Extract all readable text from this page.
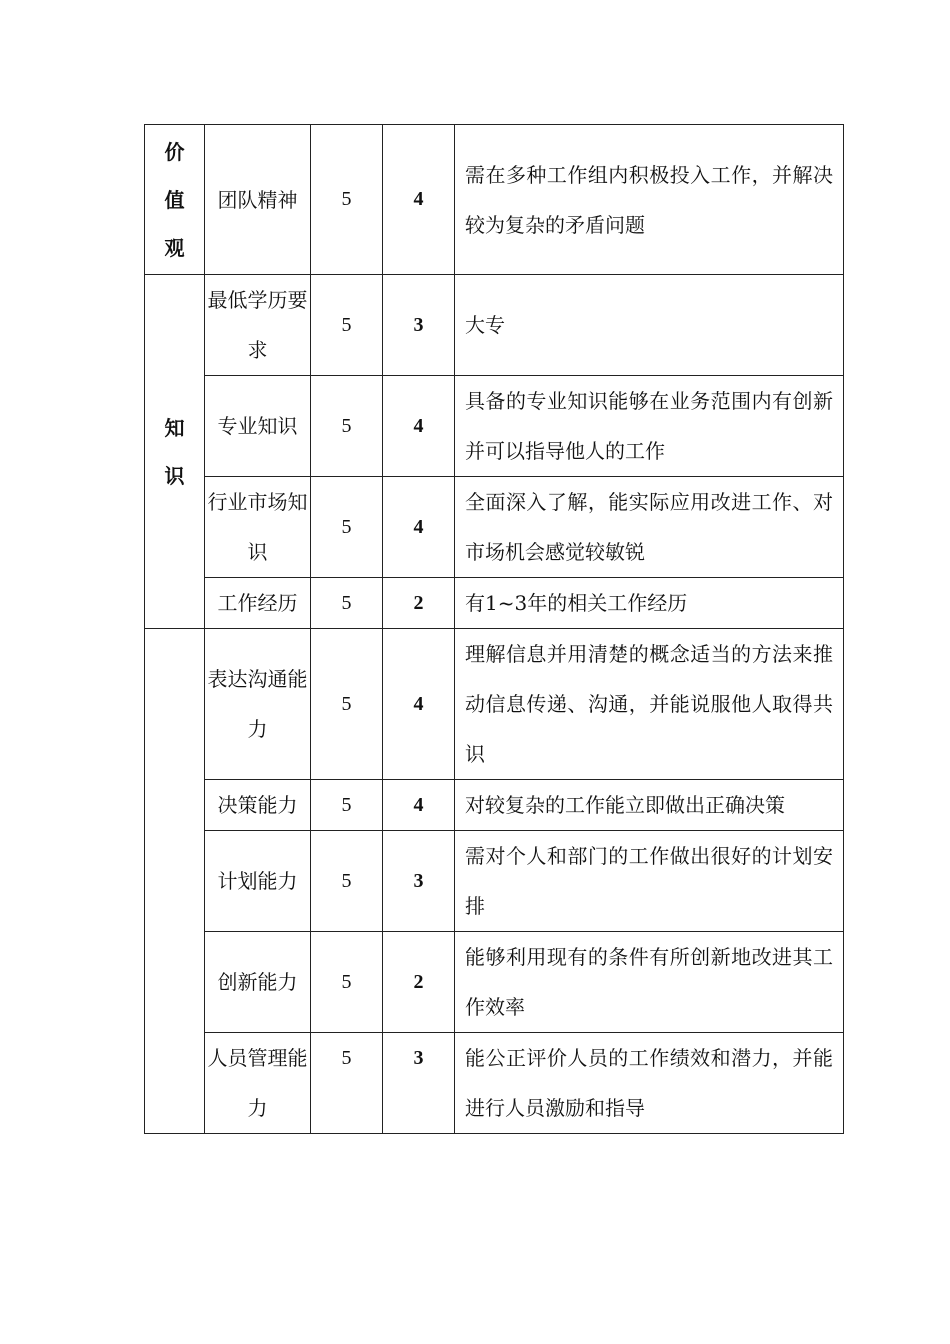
价
值
观	团队精神	5	4	需在多种工作组内积极投入工作，并解决较为复杂的矛盾问题

知
识	最低学历要求	5	3	大专
	专业知识	5	4	具备的专业知识能够在业务范围内有创新并可以指导他人的工作
	行业市场知识	5	4	全面深入了解，能实际应用改进工作、对市场机会感觉较敏锐
	工作经历	5	2	有1~3年的相关工作经历
	表达沟通能力	5	4	理解信息并用清楚的概念适当的方法来推动信息传递、沟通，并能说服他人取得共识
	决策能力	5	4	对较复杂的工作能立即做出正确决策
	计划能力	5	3	需对个人和部门的工作做出很好的计划安排
	创新能力	5	2	能够利用现有的条件有所创新地改进其工作效率
	人员管理能力	5	3	能公正评价人员的工作绩效和潜力，并能进行人员激励和指导
